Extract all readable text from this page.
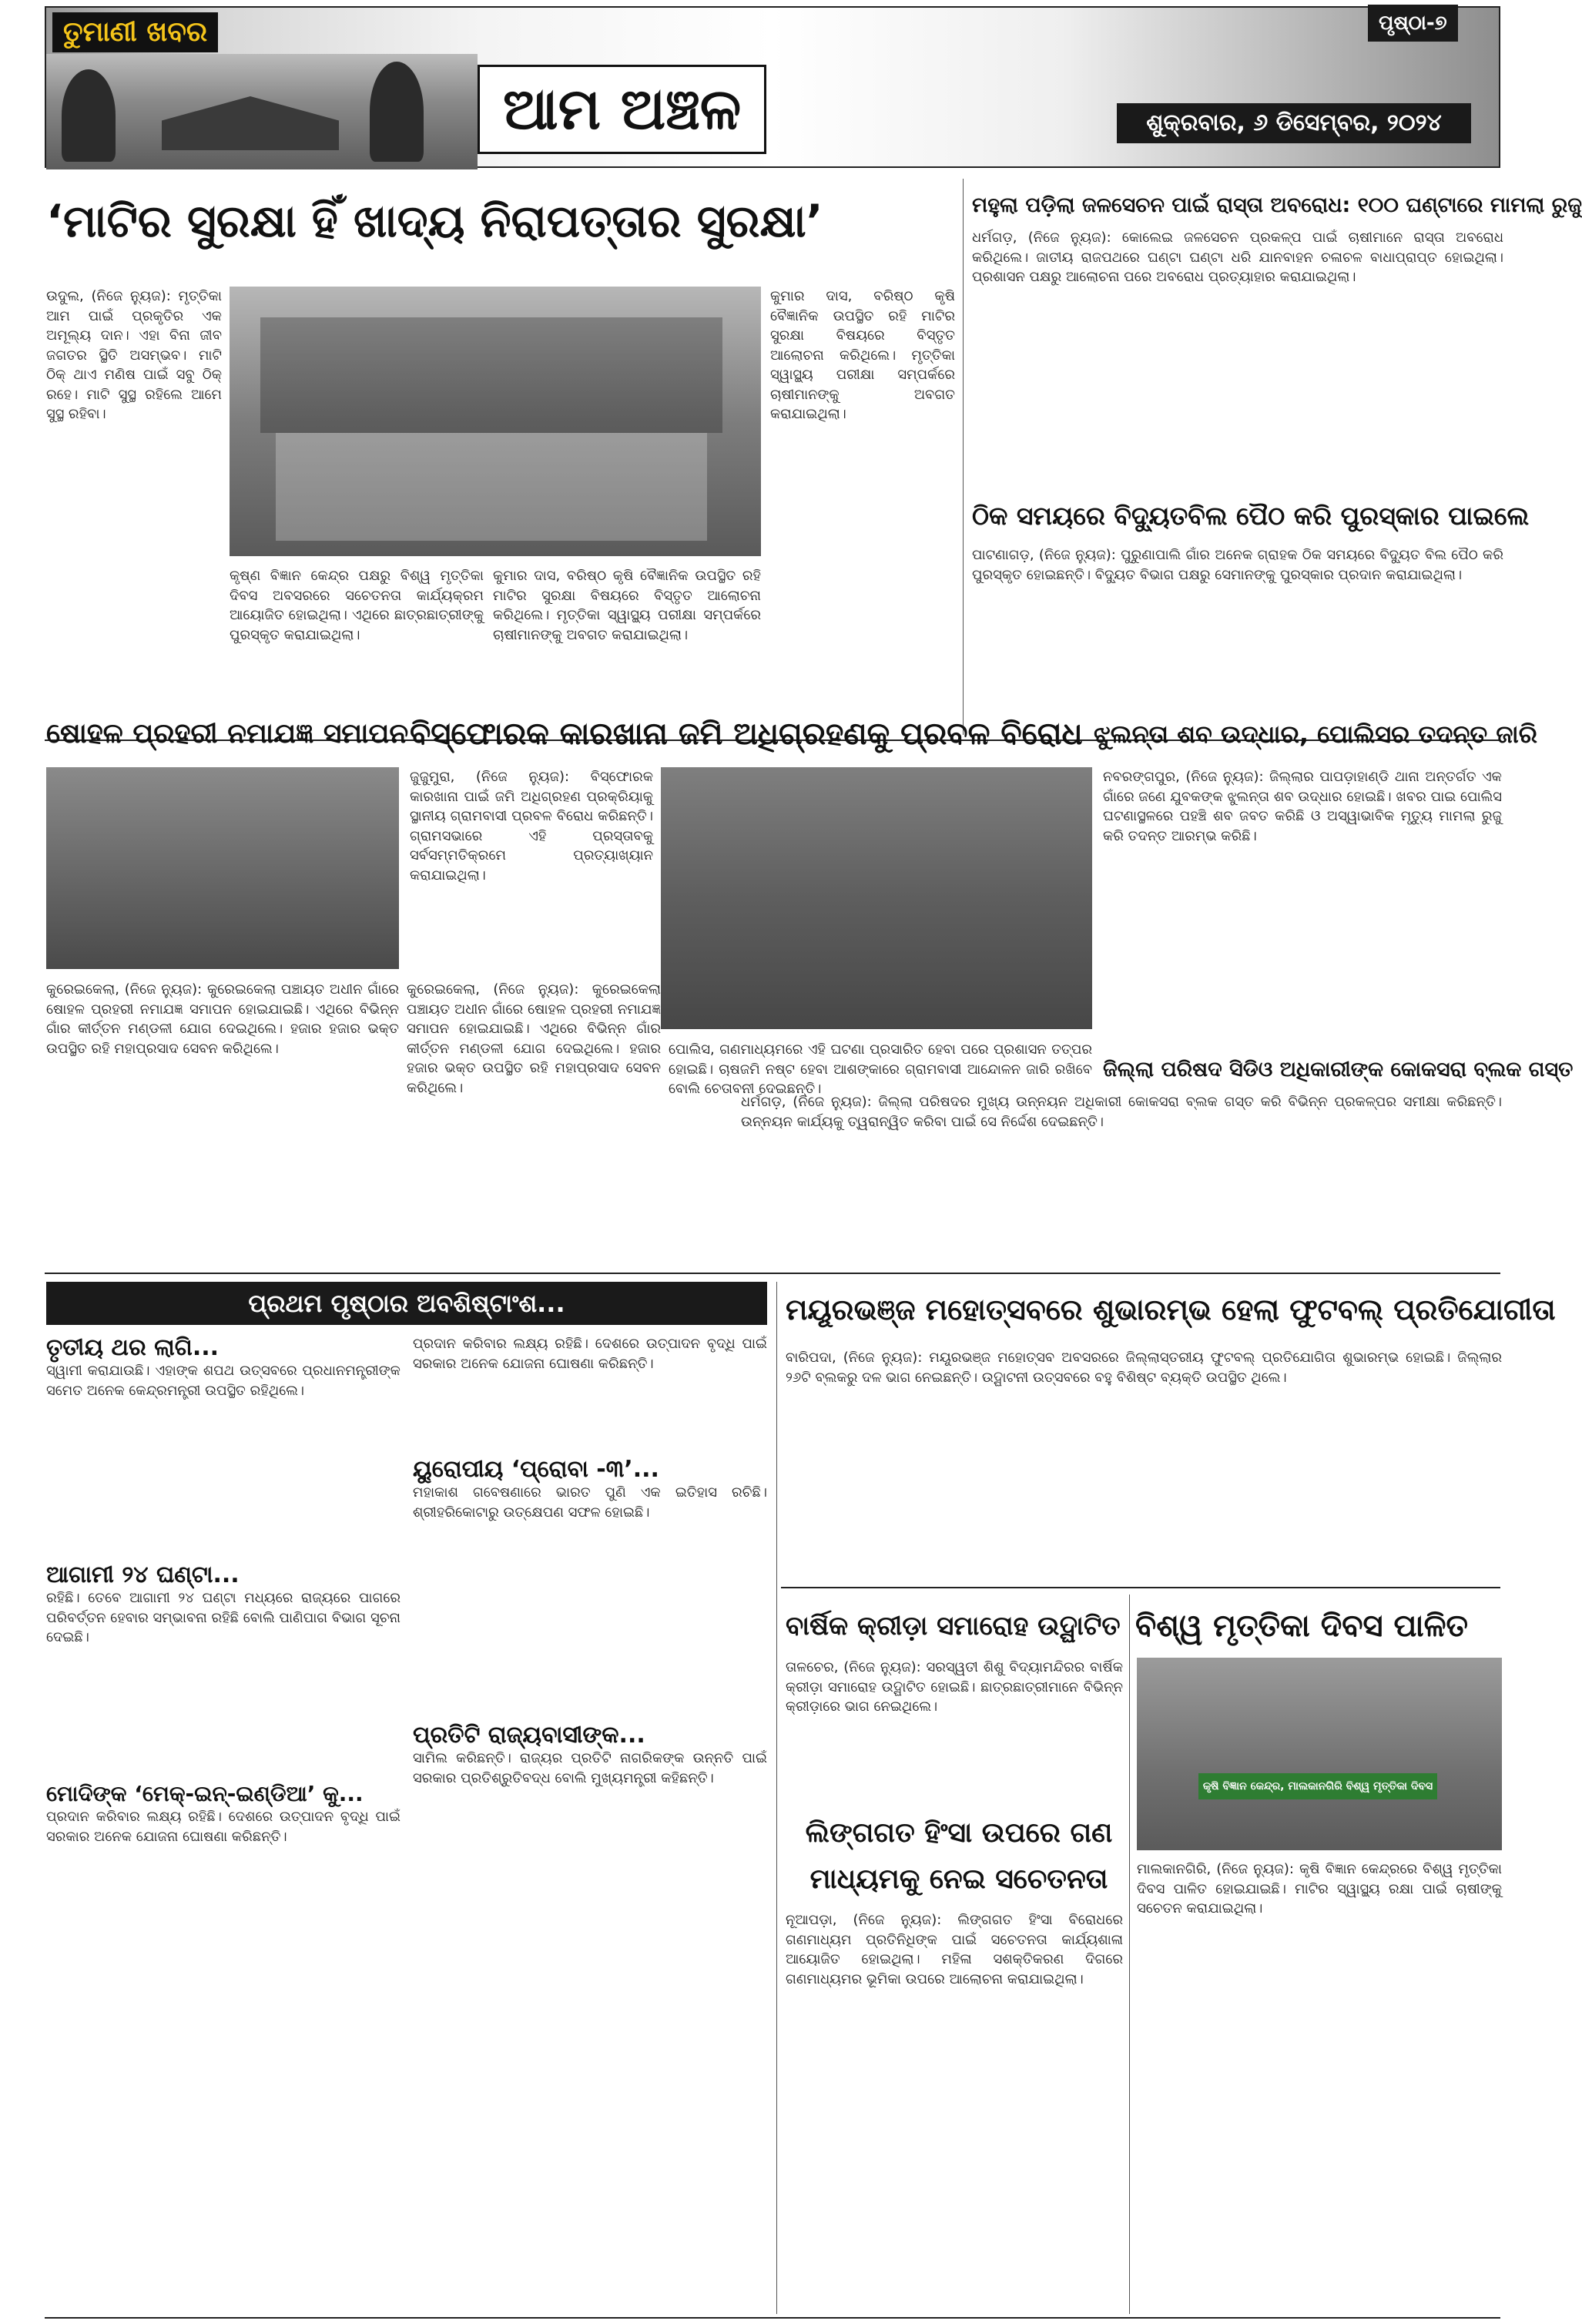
ତୁମାଣୀ ଖବର
ଆମ ଅଞ୍ଚଳ
ପୃଷ୍ଠା-୭
ଶୁକ୍ରବାର, ୬ ଡିସେମ୍ବର, ୨୦୨୪
‘ମାଟିର ସୁରକ୍ଷା ହିଁ ଖାଦ୍ୟ ନିରାପତ୍ତାର ସୁରକ୍ଷା’
ଉଦୁଲ, (ନିଜେ ନ୍ୟୁଜ): ମୃତ୍ତିକା ଆମ ପାଇଁ ପ୍ରକୃତିର ଏକ ଅମୂଲ୍ୟ ଦାନ। ଏହା ବିନା ଜୀବ ଜଗତର ସ୍ଥିତି ଅସମ୍ଭବ। ମାଟି ଠିକ୍ ଥାଏ ମଣିଷ ପାଇଁ ସବୁ ଠିକ୍ ରହେ। ମାଟି ସୁସ୍ଥ ରହିଲେ ଆମେ ସୁସ୍ଥ ରହିବା।
କୃଷ୍ଣ ବିଜ୍ଞାନ କେନ୍ଦ୍ର ପକ୍ଷରୁ ବିଶ୍ୱ ମୃତ୍ତିକା ଦିବସ ଅବସରରେ ସଚେତନତା କାର୍ଯ୍ୟକ୍ରମ ଆୟୋଜିତ ହୋଇଥିଲା। ଏଥିରେ ଛାତ୍ରଛାତ୍ରୀଙ୍କୁ ପୁରସ୍କୃତ କରାଯାଇଥିଲା।
କୁମାର ଦାସ, ବରିଷ୍ଠ କୃଷି ବୈଜ୍ଞାନିକ ଉପସ୍ଥିତ ରହି ମାଟିର ସୁରକ୍ଷା ବିଷୟରେ ବିସ୍ତୃତ ଆଲୋଚନା କରିଥିଲେ। ମୃତ୍ତିକା ସ୍ୱାସ୍ଥ୍ୟ ପରୀକ୍ଷା ସମ୍ପର୍କରେ ଚାଷୀମାନଙ୍କୁ ଅବଗତ କରାଯାଇଥିଲା।
କୁମାର ଦାସ, ବରିଷ୍ଠ କୃଷି ବୈଜ୍ଞାନିକ ଉପସ୍ଥିତ ରହି ମାଟିର ସୁରକ୍ଷା ବିଷୟରେ ବିସ୍ତୃତ ଆଲୋଚନା କରିଥିଲେ। ମୃତ୍ତିକା ସ୍ୱାସ୍ଥ୍ୟ ପରୀକ୍ଷା ସମ୍ପର୍କରେ ଚାଷୀମାନଙ୍କୁ ଅବଗତ କରାଯାଇଥିଲା।
ମହୁଲା ପଡ଼ିଲା ଜଳସେଚନ ପାଇଁ ରାସ୍ତା ଅବରୋଧ: ୧୦୦ ଘଣ୍ଟାରେ ମାମଲା ରୁଜୁ
ଧର୍ମଗଡ଼, (ନିଜେ ନ୍ୟୁଜ): କୋଲେଇ ଜଳସେଚନ ପ୍ରକଳ୍ପ ପାଇଁ ଚାଷୀମାନେ ରାସ୍ତା ଅବରୋଧ କରିଥିଲେ। ଜାତୀୟ ରାଜପଥରେ ଘଣ୍ଟା ଘଣ୍ଟା ଧରି ଯାନବାହନ ଚଳାଚଳ ବାଧାପ୍ରାପ୍ତ ହୋଇଥିଲା। ପ୍ରଶାସନ ପକ୍ଷରୁ ଆଲୋଚନା ପରେ ଅବରୋଧ ପ୍ରତ୍ୟାହାର କରାଯାଇଥିଲା।
ଠିକ ସମୟରେ ବିଦ୍ୟୁତବିଲ ପୈଠ କରି ପୁରସ୍କାର ପାଇଲେ
ପାଟଣାଗଡ଼, (ନିଜେ ନ୍ୟୁଜ): ପୁରୁଣାପାଲି ଗାଁର ଅନେକ ଗ୍ରାହକ ଠିକ ସମୟରେ ବିଦ୍ୟୁତ ବିଲ ପୈଠ କରି ପୁରସ୍କୃତ ହୋଇଛନ୍ତି। ବିଦ୍ୟୁତ ବିଭାଗ ପକ୍ଷରୁ ସେମାନଙ୍କୁ ପୁରସ୍କାର ପ୍ରଦାନ କରାଯାଇଥିଲା।
ଷୋହଳ ପ୍ରହରୀ ନମାଯଜ୍ଞ ସମାପନ
କୁରେଇକେଲା, (ନିଜେ ନ୍ୟୁଜ): କୁରେଇକେଲା ପଞ୍ଚାୟତ ଅଧୀନ ଗାଁରେ ଷୋହଳ ପ୍ରହରୀ ନମାଯଜ୍ଞ ସମାପନ ହୋଇଯାଇଛି। ଏଥିରେ ବିଭିନ୍ନ ଗାଁର କୀର୍ତ୍ତନ ମଣ୍ଡଳୀ ଯୋଗ ଦେଇଥିଲେ। ହଜାର ହଜାର ଭକ୍ତ ଉପସ୍ଥିତ ରହି ମହାପ୍ରସାଦ ସେବନ କରିଥିଲେ।
କୁରେଇକେଲା, (ନିଜେ ନ୍ୟୁଜ): କୁରେଇକେଲା ପଞ୍ଚାୟତ ଅଧୀନ ଗାଁରେ ଷୋହଳ ପ୍ରହରୀ ନମାଯଜ୍ଞ ସମାପନ ହୋଇଯାଇଛି। ଏଥିରେ ବିଭିନ୍ନ ଗାଁର କୀର୍ତ୍ତନ ମଣ୍ଡଳୀ ଯୋଗ ଦେଇଥିଲେ। ହଜାର ହଜାର ଭକ୍ତ ଉପସ୍ଥିତ ରହି ମହାପ୍ରସାଦ ସେବନ କରିଥିଲେ।
ବିସ୍ଫୋରକ କାରଖାନା ଜମି ଅଧିଗ୍ରହଣକୁ ପ୍ରବଳ ବିରୋଧ
ଜୁଜୁମୁରା, (ନିଜେ ନ୍ୟୁଜ): ବିସ୍ଫୋରକ କାରଖାନା ପାଇଁ ଜମି ଅଧିଗ୍ରହଣ ପ୍ରକ୍ରିୟାକୁ ସ୍ଥାନୀୟ ଗ୍ରାମବାସୀ ପ୍ରବଳ ବିରୋଧ କରିଛନ୍ତି। ଗ୍ରାମସଭାରେ ଏହି ପ୍ରସ୍ତାବକୁ ସର୍ବସମ୍ମତିକ୍ରମେ ପ୍ରତ୍ୟାଖ୍ୟାନ କରାଯାଇଥିଲା।
ପୋଲିସ, ଗଣମାଧ୍ୟମରେ ଏହି ଘଟଣା ପ୍ରସାରିତ ହେବା ପରେ ପ୍ରଶାସନ ତତ୍ପର ହୋଇଛି। ଚାଷଜମି ନଷ୍ଟ ହେବା ଆଶଙ୍କାରେ ଗ୍ରାମବାସୀ ଆନ୍ଦୋଳନ ଜାରି ରଖିବେ ବୋଲି ଚେତାବନୀ ଦେଇଛନ୍ତି।
ଝୁଲନ୍ତା ଶବ ଉଦ୍ଧାର, ପୋଲିସର ତଦନ୍ତ ଜାରି
ନବରଙ୍ଗପୁର, (ନିଜେ ନ୍ୟୁଜ): ଜିଲ୍ଲାର ପାପଡ଼ାହାଣ୍ଡି ଥାନା ଅନ୍ତର୍ଗତ ଏକ ଗାଁରେ ଜଣେ ଯୁବକଙ୍କ ଝୁଲନ୍ତା ଶବ ଉଦ୍ଧାର ହୋଇଛି। ଖବର ପାଇ ପୋଲିସ ଘଟଣାସ୍ଥଳରେ ପହଞ୍ଚି ଶବ ଜବତ କରିଛି ଓ ଅସ୍ୱାଭାବିକ ମୃତ୍ୟୁ ମାମଲା ରୁଜୁ କରି ତଦନ୍ତ ଆରମ୍ଭ କରିଛି।
ଜିଲ୍ଲା ପରିଷଦ ସିଡିଓ ଅଧିକାରୀଙ୍କ କୋକସରା ବ୍ଲକ ଗସ୍ତ
ଧର୍ମଗଡ଼, (ନିଜେ ନ୍ୟୁଜ): ଜିଲ୍ଲା ପରିଷଦର ମୁଖ୍ୟ ଉନ୍ନୟନ ଅଧିକାରୀ କୋକସରା ବ୍ଲକ ଗସ୍ତ କରି ବିଭିନ୍ନ ପ୍ରକଳ୍ପର ସମୀକ୍ଷା କରିଛନ୍ତି। ଉନ୍ନୟନ କାର୍ଯ୍ୟକୁ ତ୍ୱରାନ୍ୱିତ କରିବା ପାଇଁ ସେ ନିର୍ଦ୍ଦେଶ ଦେଇଛନ୍ତି।
ପ୍ରଥମ ପୃଷ୍ଠାର ଅବଶିଷ୍ଟାଂଶ...
ତୃତୀୟ ଥର ଲାଗି...
ସ୍ୱାମୀ କରାଯାଉଛି। ଏହାଙ୍କ ଶପଥ ଉତ୍ସବରେ ପ୍ରଧାନମନ୍ତ୍ରୀଙ୍କ ସମେତ ଅନେକ କେନ୍ଦ୍ରମନ୍ତ୍ରୀ ଉପସ୍ଥିତ ରହିଥିଲେ।
ଆଗାମୀ ୨୪ ଘଣ୍ଟା...
ରହିଛି। ତେବେ ଆଗାମୀ ୨୪ ଘଣ୍ଟା ମଧ୍ୟରେ ରାଜ୍ୟରେ ପାଗରେ ପରିବର୍ତ୍ତନ ହେବାର ସମ୍ଭାବନା ରହିଛି ବୋଲି ପାଣିପାଗ ବିଭାଗ ସୂଚନା ଦେଇଛି।
ମୋଦିଙ୍କ ‘ମେକ୍-ଇନ୍-ଇଣ୍ଡିଆ’ କୁ...
ପ୍ରଦାନ କରିବାର ଲକ୍ଷ୍ୟ ରହିଛି। ଦେଶରେ ଉତ୍ପାଦନ ବୃଦ୍ଧି ପାଇଁ ସରକାର ଅନେକ ଯୋଜନା ଘୋଷଣା କରିଛନ୍ତି।
ପ୍ରଦାନ କରିବାର ଲକ୍ଷ୍ୟ ରହିଛି। ଦେଶରେ ଉତ୍ପାଦନ ବୃଦ୍ଧି ପାଇଁ ସରକାର ଅନେକ ଯୋଜନା ଘୋଷଣା କରିଛନ୍ତି।
ୟୁରୋପୀୟ ‘ପ୍ରୋବା -୩’...
ମହାକାଶ ଗବେଷଣାରେ ଭାରତ ପୁଣି ଏକ ଇତିହାସ ରଚିଛି। ଶ୍ରୀହରିକୋଟାରୁ ଉତ୍କ୍ଷେପଣ ସଫଳ ହୋଇଛି।
ପ୍ରତିଟି ରାଜ୍ୟବାସୀଙ୍କ...
ସାମିଲ କରିଛନ୍ତି। ରାଜ୍ୟର ପ୍ରତିଟି ନାଗରିକଙ୍କ ଉନ୍ନତି ପାଇଁ ସରକାର ପ୍ରତିଶ୍ରୁତିବଦ୍ଧ ବୋଲି ମୁଖ୍ୟମନ୍ତ୍ରୀ କହିଛନ୍ତି।
ମୟୂରଭଞ୍ଜ ମହୋତ୍ସବରେ ଶୁଭାରମ୍ଭ ହେଲା ଫୁଟବଲ୍ ପ୍ରତିଯୋଗୀତା
ବାରିପଦା, (ନିଜେ ନ୍ୟୁଜ): ମୟୂରଭଞ୍ଜ ମହୋତ୍ସବ ଅବସରରେ ଜିଲ୍ଲାସ୍ତରୀୟ ଫୁଟବଲ୍ ପ୍ରତିଯୋଗିତା ଶୁଭାରମ୍ଭ ହୋଇଛି। ଜିଲ୍ଲାର ୨୬ଟି ବ୍ଲକରୁ ଦଳ ଭାଗ ନେଇଛନ୍ତି। ଉଦ୍ଘାଟନୀ ଉତ୍ସବରେ ବହୁ ବିଶିଷ୍ଟ ବ୍ୟକ୍ତି ଉପସ୍ଥିତ ଥିଲେ।
ବାର୍ଷିକ କ୍ରୀଡ଼ା ସମାରୋହ ଉଦ୍ଘାଟିତ
ତାଳଚେର, (ନିଜେ ନ୍ୟୁଜ): ସରସ୍ୱତୀ ଶିଶୁ ବିଦ୍ୟାମନ୍ଦିରର ବାର୍ଷିକ କ୍ରୀଡ଼ା ସମାରୋହ ଉଦ୍ଘାଟିତ ହୋଇଛି। ଛାତ୍ରଛାତ୍ରୀମାନେ ବିଭିନ୍ନ କ୍ରୀଡ଼ାରେ ଭାଗ ନେଇଥିଲେ।
ବିଶ୍ୱ ମୃତ୍ତିକା ଦିବସ ପାଳିତ
କୃଷି ବିଜ୍ଞାନ କେନ୍ଦ୍ର, ମାଲକାନଗିରି ବିଶ୍ୱ ମୃତ୍ତିକା ଦିବସ
ମାଲକାନଗିରି, (ନିଜେ ନ୍ୟୁଜ): କୃଷି ବିଜ୍ଞାନ କେନ୍ଦ୍ରରେ ବିଶ୍ୱ ମୃତ୍ତିକା ଦିବସ ପାଳିତ ହୋଇଯାଇଛି। ମାଟିର ସ୍ୱାସ୍ଥ୍ୟ ରକ୍ଷା ପାଇଁ ଚାଷୀଙ୍କୁ ସଚେତନ କରାଯାଇଥିଲା।
ଲିଙ୍ଗଗତ ହିଂସା ଉପରେ ଗଣ
ମାଧ୍ୟମକୁ ନେଇ ସଚେତନତା
ନୂଆପଡ଼ା, (ନିଜେ ନ୍ୟୁଜ): ଲିଙ୍ଗଗତ ହିଂସା ବିରୋଧରେ ଗଣମାଧ୍ୟମ ପ୍ରତିନିଧିଙ୍କ ପାଇଁ ସଚେତନତା କାର୍ଯ୍ୟଶାଳା ଆୟୋଜିତ ହୋଇଥିଲା। ମହିଳା ସଶକ୍ତିକରଣ ଦିଗରେ ଗଣମାଧ୍ୟମର ଭୂମିକା ଉପରେ ଆଲୋଚନା କରାଯାଇଥିଲା।
